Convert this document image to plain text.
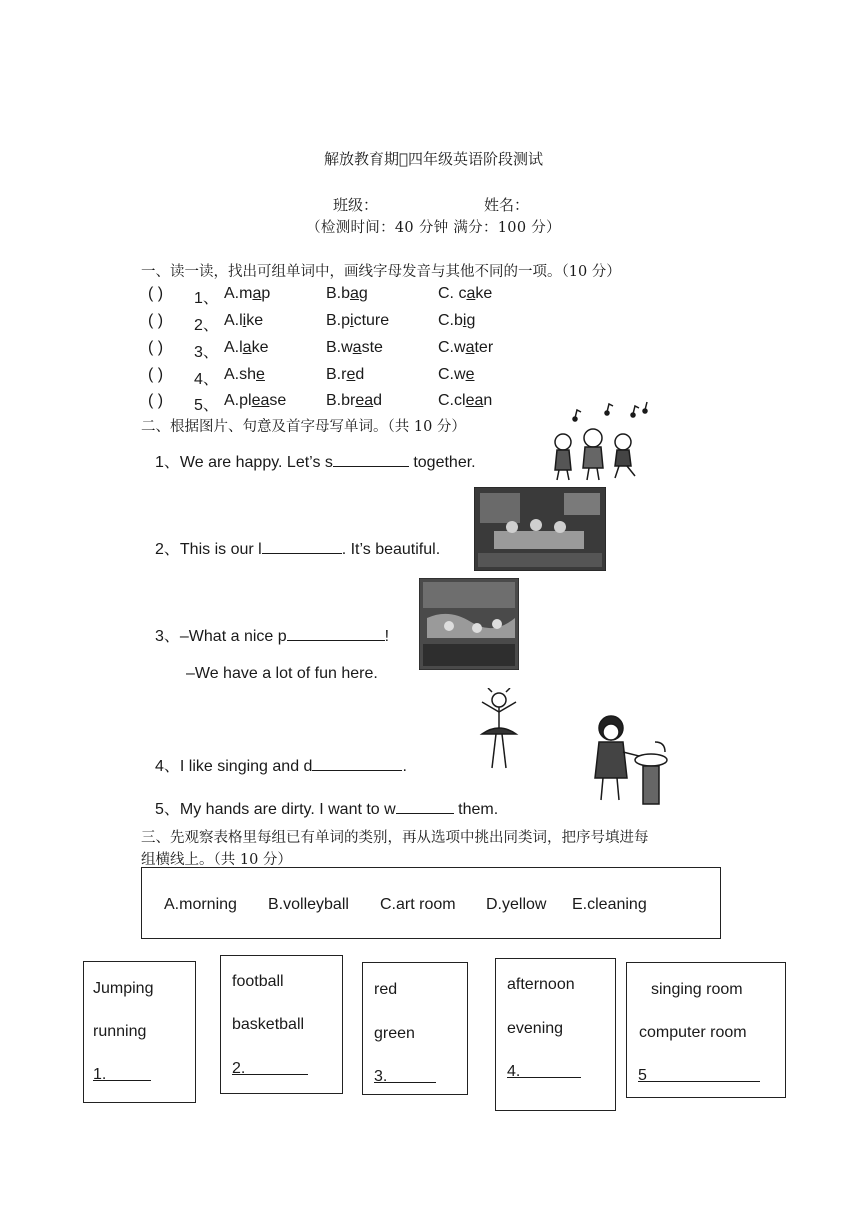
解放教育期 四年级英语阶段测试
班级：	姓名：
（检测时间：40 分钟 满分：100 分）
一、读一读，找出可组单词中，画线字母发音与其他不同的一项。（10 分）
( ) 1、 A.map	B.bag	C. cake
( ) 2、 A.like	B.picture	C.big
( ) 3、 A.lake	B.waste	C.water
( ) 4、 A.she	B.red	C.we
( ) 5、 A.please B.bread	C.clean
二、根据图片、句意及首字母写单词。（共 10 分）
1、We are happy. Let’s s	together.
2、This is our l	. It’s beautiful.
3、–What a nice p	!
–We have a lot of fun here.
4、I like singing and d	.
5、My hands are dirty. I want to w	them.
三、先观察表格里每组已有单词的类别，再从选项中挑出同类词，把序号填进每
组横线上。（共 10 分）
A.morning B.volleyball C.art room D.yellow E.cleaning
Jumping
running
1.
football
basketball
2.
red
green
3.
afternoon
evening
4.
singing room
computer room
5
